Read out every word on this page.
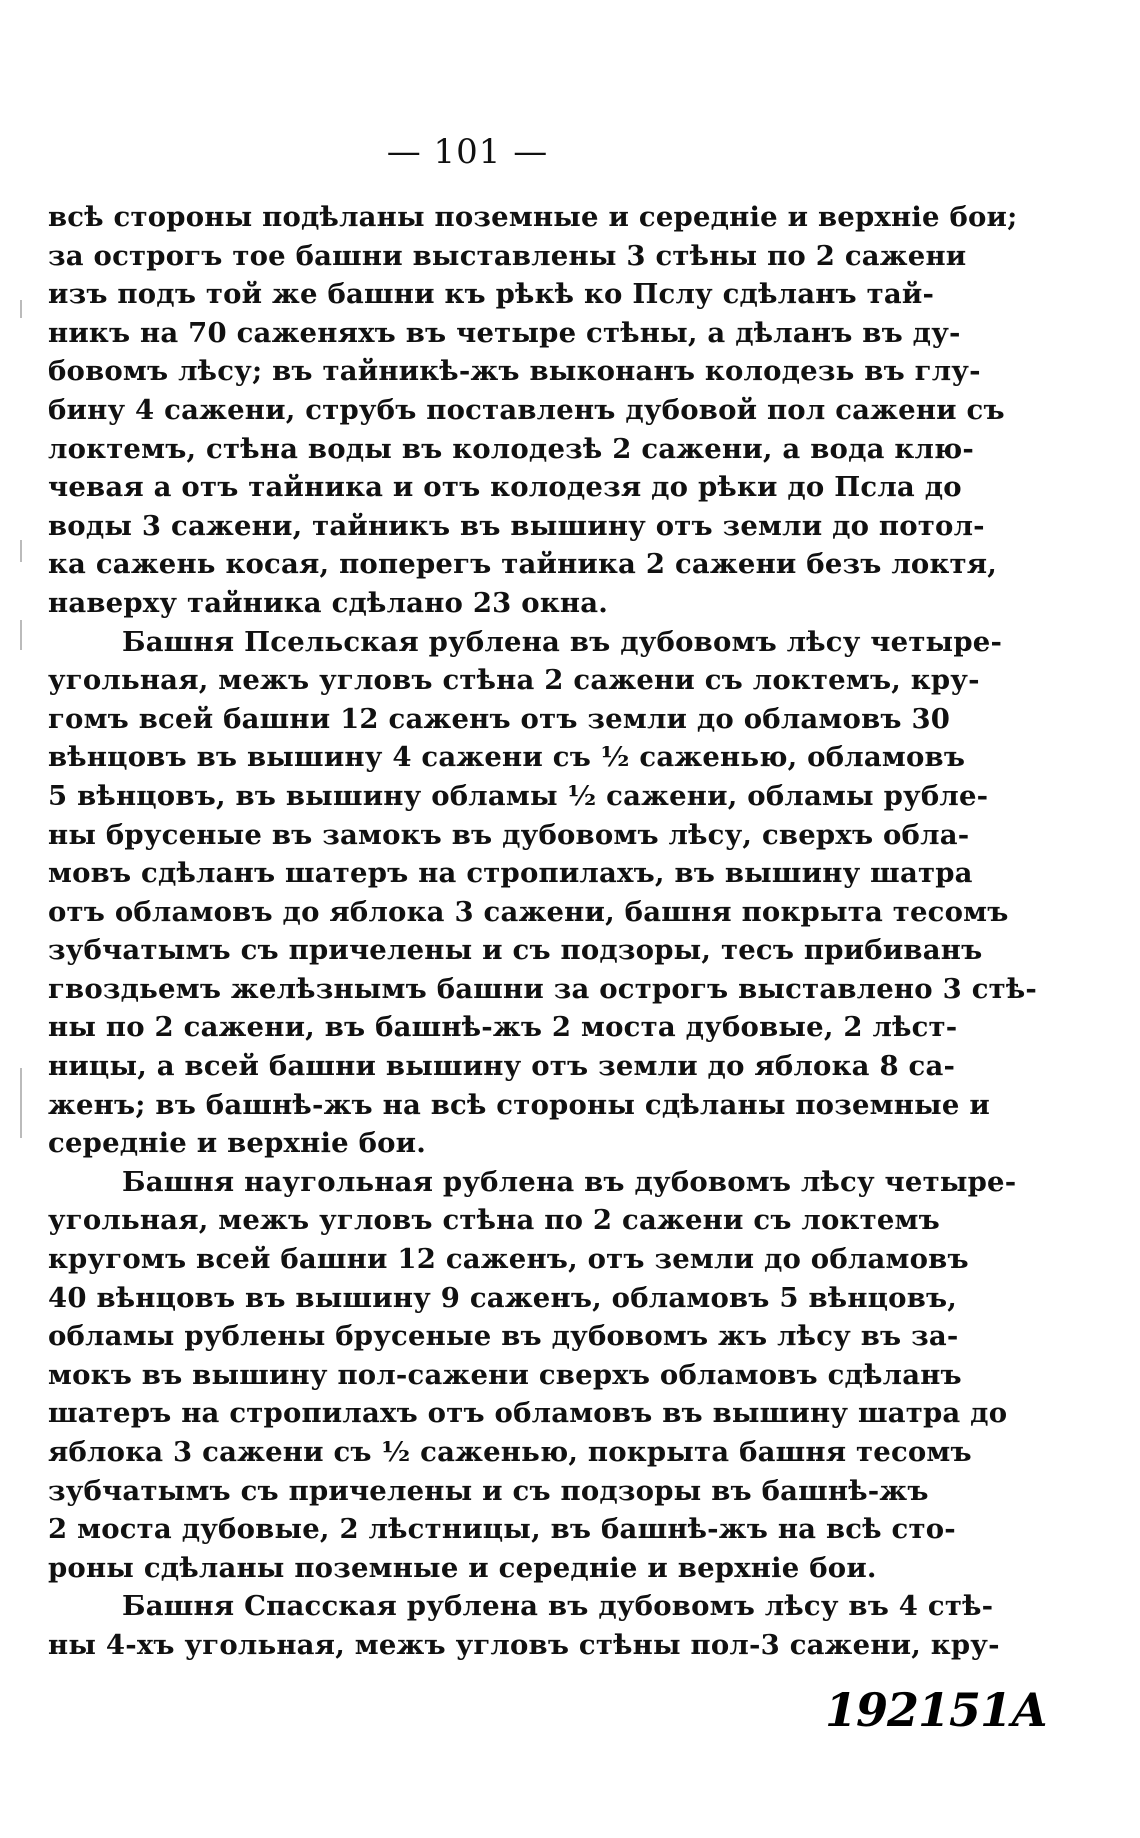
— 101 —
всѣ стороны подѣланы поземные и середнiе и верхнiе бои;
за острогъ тое башни выставлены 3 стѣны по 2 сажени
изъ подъ той же башни къ рѣкѣ ко Пслу сдѣланъ тай-
никъ на 70 саженяхъ въ четыре стѣны, а дѣланъ въ ду-
бовомъ лѣсу; въ тайникѣ-жъ выконанъ колодезь въ глу-
бину 4 сажени, струбъ поставленъ дубовой пол сажени съ
локтемъ, стѣна воды въ колодезѣ 2 сажени, а вода клю-
чевая а отъ тайника и отъ колодезя до рѣки до Псла до
воды 3 сажени, тайникъ въ вышину отъ земли до потол-
ка сажень косая, поперегъ тайника 2 сажени безъ локтя,
наверху тайника сдѣлано 23 окна.
Башня Псельская рублена въ дубовомъ лѣсу четыре-
угольная, межъ угловъ стѣна 2 сажени съ локтемъ, кру-
гомъ всей башни 12 саженъ отъ земли до обламовъ 30
вѣнцовъ въ вышину 4 сажени съ ½ саженью, обламовъ
5 вѣнцовъ, въ вышину обламы ½ сажени, обламы рубле-
ны брусеные въ замокъ въ дубовомъ лѣсу, сверхъ обла-
мовъ сдѣланъ шатеръ на стропилахъ, въ вышину шатра
отъ обламовъ до яблока 3 сажени, башня покрыта тесомъ
зубчатымъ съ причелены и съ подзоры, тесъ прибиванъ
гвоздьемъ желѣзнымъ башни за острогъ выставлено 3 стѣ-
ны по 2 сажени, въ башнѣ-жъ 2 моста дубовые, 2 лѣст-
ницы, а всей башни вышину отъ земли до яблока 8 са-
женъ; въ башнѣ-жъ на всѣ стороны сдѣланы поземные и
середнiе и верхнiе бои.
Башня наугольная рублена въ дубовомъ лѣсу четыре-
угольная, межъ угловъ стѣна по 2 сажени съ локтемъ
кругомъ всей башни 12 саженъ, отъ земли до обламовъ
40 вѣнцовъ въ вышину 9 саженъ, обламовъ 5 вѣнцовъ,
обламы рублены брусеные въ дубовомъ жъ лѣсу въ за-
мокъ въ вышину пол-сажени сверхъ обламовъ сдѣланъ
шатеръ на стропилахъ отъ обламовъ въ вышину шатра до
яблока 3 сажени съ ½ саженью, покрыта башня тесомъ
зубчатымъ съ причелены и съ подзоры въ башнѣ-жъ
2 моста дубовые, 2 лѣстницы, въ башнѣ-жъ на всѣ сто-
роны сдѣланы поземные и середнiе и верхнiе бои.
Башня Спасская рублена въ дубовомъ лѣсу въ 4 стѣ-
ны 4-хъ угольная, межъ угловъ стѣны пол-3 сажени, кру-
192151А
